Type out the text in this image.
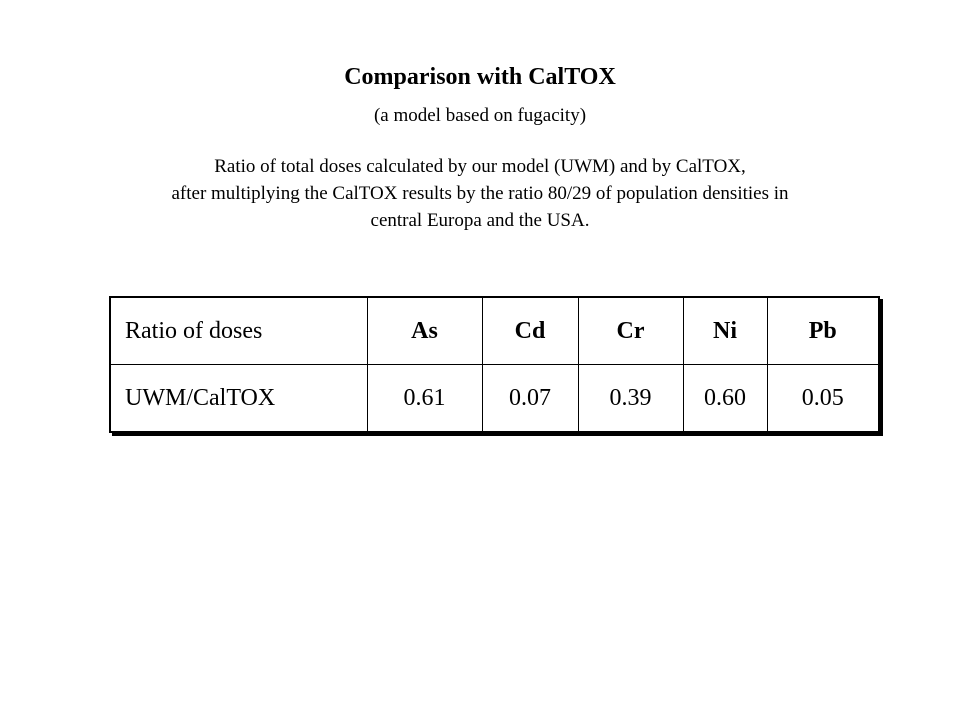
Comparison with CalTOX
(a model based on fugacity)
Ratio of total doses calculated by our model (UWM) and by CalTOX,
after multiplying the CalTOX results by the ratio 80/29 of population densities in
central Europa and the USA.
Ratio of doses	As	Cd	Cr	Ni	Pb
UWM/CalTOX	0.61	0.07	0.39	0.60	0.05
